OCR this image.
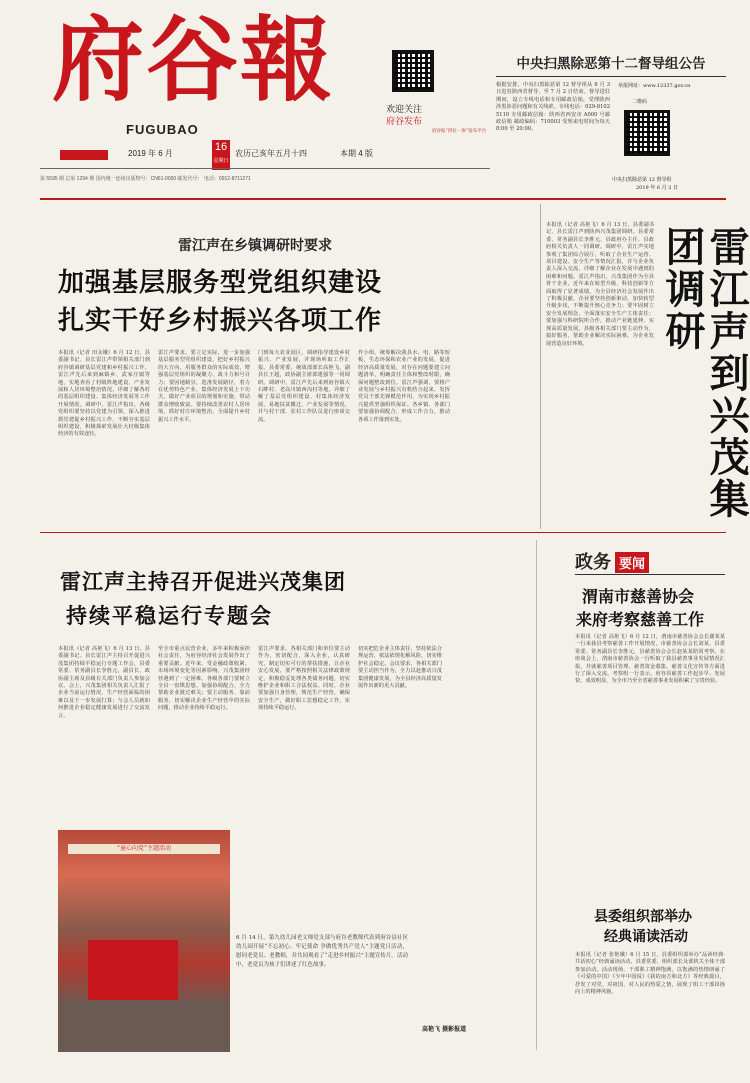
府谷報
FUGUBAO
2019 年 6 月
16
星期日
农历己亥年五月十四	本期 4 版
第 5595 期 总第 1294 期 国内统一连续出版物号：CN61-0050 邮发代号： 电话：0912-8711271
欢迎关注
府谷发布
府谷报“四位一体”发布平台
中央扫黑除恶第十二督导组公告
根据安排，中央扫黑除恶第 12 督导组从 6 月 3 日进驻陕西省督导，至 7 月 2 日结束。督导进驻期间，设立专线电话和专用邮政信箱，受理陕西涉黑涉恶问题和有关线索。专线电话：029-81025110 专用邮政信箱：陕西省西安市 A000 号邮政信箱 邮政编码：710003 受理来电时间为每天 8:00 至 20:00。
举报网址：www.12337.gov.cn
二维码
中央扫黑除恶第 12 督导组
2019 年 6 月 2 日
雷江声在乡镇调研时要求
加强基层服务型党组织建设
扎实干好乡村振兴各项工作
本报讯（记者 田永娥）6 月 12 日，县委副书记、县长雷江声带领相关部门到府谷镇调研基层党建和乡村振兴工作。雷江声先后来到麻镇乡、武家庄镇等地，实地查看了村级阵地建设、产业发展和人居环境整治情况，详细了解各村的基层组织建设、集体经济发展等工作开展情况。调研中，雷江声指出，各级党组织要坚持以党建为引领，深入推进抓党建促乡村振兴工作，不断夯实基层组织建设，积极探索发展壮大村级集体经济的有效途径。
雷江声要求，要立足实际，进一步加强基层服务型党组织建设，把好乡村振兴的大方向，用服务群众的实际成效，增强基层党组织的凝聚力、战斗力和号召力；要因地制宜，选准发展路径，着力在优势特色产业、集体经济发展上下功夫，做好产业项目的规划和实施，带动群众增收致富。要持续改善农村人居环境，抓好村庄环境整治，全面提升乡村振兴工作水平。
门到每大农业园区，调研指导建设乡村振兴、产业发展，并现场听取工作汇报。县委常委、统战部部长高艳飞，副县长王超，政协副主席郭建强等一同调研。调研中，雷江声先后来到府谷镇大石畔村、老高川镇西沟村等地，详细了解了基层党组织建设、村集体经济发展、易地扶贫搬迁、产业发展等情况，并与村干部、驻村工作队员进行座谈交流。
作小组，统筹解决我县水、电、路等短板，生态环保和农业产业的发展，促进经济高质量发展，对存在问题要建立问题清单，明确责任主体和整改时限，确保问题整改到位。雷江声强调，要将产业发展与乡村振兴有机结合起来，发挥党员干部先锋模范作用，为实现乡村振兴提供坚强组织保证。各乡镇、各部门要加强协调配合，形成工作合力，推动各项工作落到实处。
本报讯（记者 高艳飞）6 月 13 日，县委副书记、县长雷江声到陕西兴茂集团调研。县委常委、常务副县长李胜元、县政府办主任、县政府相关负责人一同调研。调研中，雷江声实地参观了集团综合展厅，听取了企业生产运营、项目建设、安全生产等情况汇报，并与企业负责人深入交流，详细了解企业在发展中遇到的困难和问题。雷江声指出，兴茂集团作为全县骨干企业，近年来在转型升级、科技创新等方面取得了显著成绩，为全县经济社会发展作出了积极贡献。企业要坚持创新驱动，加快转型升级步伐，不断提升核心竞争力；要牢固树立安全发展理念，全面落实安全生产主体责任；要加强与科研院所合作，推动产业链延伸，实现高质量发展。县级各相关部门要主动作为，搞好服务，帮助企业解决实际困难，为企业发展营造良好环境。	雷江声到兴茂集团调研
雷江声主持召开促进兴茂集团
持续平稳运行专题会
本报讯（记者 高艳飞）6 月 13 日，县委副书记、县长雷江声主持召开促进兴茂集团持续平稳运行专题工作会，县委常委、常务副县长李胜元，副县长、政协副主席及县级有关部门负责人参加会议。会上，兴茂集团相关负责人汇报了企业当前运行情况、生产经营面临的困难以及下一步发展打算；与会人员就如何推进企业稳定健康发展进行了交流发言。
至全市重点民营企业，多年来积极承担社会责任，为府谷经济社会发展作出了重要贡献。近年来，受金融政策收紧、市场环境变化等因素影响，兴茂集团经营遇到了一定困难。各级各部门要树立全县一盘棋思想，加强协调配合，全力帮助企业渡过难关；要主动服务、靠前服务，切实解决企业生产经营中的实际问题，推动企业持续平稳运行。
雷江声要求，各相关部门和单位要主动作为，密切配合，深入企业，认真研究，制定切实可行的帮扶措施，让企业安心发展。要严格按照相关法律政策规定，积极稳妥处理各类债务问题，切实维护企业和职工合法权益。同时，企业要加强自身管理，规范生产经营，确保安全生产，做好职工思想稳定工作，实现持续平稳运行。
切实把危企业主体责任，坚持依法合规运营，依法依规化解风险，切实维护社会稳定。会议要求，各相关部门要主动担当作为，全力以赴推动兴茂集团健康发展，为全县经济高质量发展作出新的更大贡献。
“童心向党”主题活动
6 月 14 日，第九幼儿园老文师党支部与府谷老教师代表到府谷县社区幼儿园开展“不忘初心、牢记使命 争做优秀共产党人”主题党日活动，慰问老党员、老教师，并共同观看了“走进乡村振兴”主题宣传片。活动中，老党员为孩子们讲述了红色故事。
高艳飞 摄影报道
政务 要闻
渭南市慈善协会
来府考察慈善工作
本报讯（记者 高艳飞）6 月 12 日，渭南市慈善协会会长谢某某一行来我县考察慈善工作开展情况，市慈善协会会长刘某，县委常委、常务副县长李胜元，县慈善协会会长赵某某陪同考察。在座谈会上，渭南市慈善协会一行听取了我县慈善事业发展情况汇报，并就慈善项目管理、慈善资金募集、慈善文化宣传等方面进行了深入交流。考察组一行表示，府谷县慈善工作起步早、发展快、成效明显，为全市乃至全省慈善事业发展积累了宝贵经验。
县委组织部举办
经典诵读活动
本报讯（记者 张艳娥）6 月 15 日，县委组织部举办“品读经典·共话初心”经典诵读活动。县委常委、组织部长及部机关全体干部参加活动。活动现场，干部职工精神饱满，以饱满的热情朗诵了《可爱的中国》《少年中国说》《我的南方和北方》等经典篇目，抒发了对党、对祖国、对人民的热爱之情，展现了组工干部昂扬向上的精神风貌。
